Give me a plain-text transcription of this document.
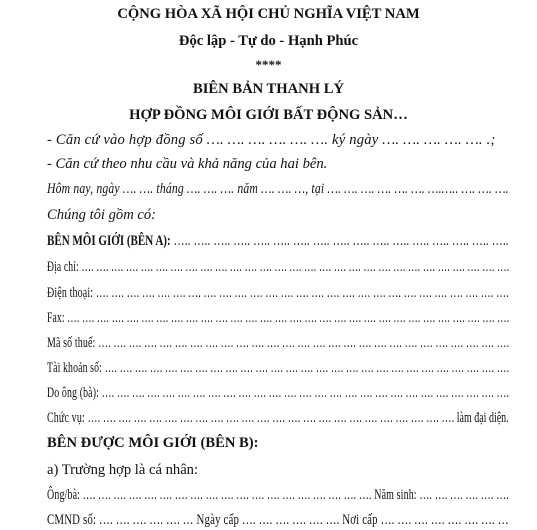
CỘNG HÒA XÃ HỘI CHỦ NGHĨA VIỆT NAM
Độc lập - Tự do - Hạnh Phúc
****
BIÊN BẢN THANH LÝ
HỢP ĐỒNG MÔI GIỚI BẤT ĐỘNG SẢN…
- Căn cứ vào hợp đồng số …. …. …. …. …. …. ký ngày …. …. …. …. …. .;
- Căn cứ theo nhu cầu và khả năng của hai bên.
Hôm nay, ngày …. …. tháng …. …. …. năm …. …. …, tại …. …. …. …. …. …. ….….. …. …. ….
Chúng tôi gồm có:
BÊN MÔI GIỚI (BÊN A): ….. ….. ….. ….. ….. ….. ….. ….. ….. ….. ….. ….. ….. ….. ….. ….. …..
Địa chỉ: …. …. …. …. …. …. …. …. …. …. …. …. …. …. …. …. …. …. …. …. …. …. …. …. …. …. …. …. ….
Điện thoại: …. …. …. …. …. …. …. …. …. …. …. …. …. …. …. …. …. …. …. …. …. …. …. …. …. …. ….
Fax: …. …. …. …. …. …. …. …. …. …. …. …. …. …. …. …. …. …. …. …. …. …. …. …. …. …. …. …. …. ….
Mã số thuế: …. …. …. …. …. …. …. …. …. …. …. …. …. …. …. …. …. …. …. …. …. …. …. …. …. …. ….
Tài khoản số: …. …. …. …. …. …. …. …. …. …. …. …. …. …. …. …. …. …. …. …. …. …. …. …. …. …. ….
Do ông (bà): …. …. …. …. …. …. …. …. …. …. …. …. …. …. …. …. …. …. …. …. …. …. …. …. …. …. ….
Chức vụ: …. …. …. …. …. …. …. …. …. …. …. …. …. …. …. …. …. …. …. …. …. …. …. …. làm đại diện.
BÊN ĐƯỢC MÔI GIỚI (BÊN B):
a) Trường hợp là cá nhân:
Ông/bà: …. …. …. …. …. …. …. …. …. …. …. …. …. …. …. …. …. …. …. Năm sinh: …. …. …. …. …. ….
CMND số: …. …. …. …. …. … Ngày cấp …. …. …. …. …. …. Nơi cấp …. …. …. …. …. …. …. …
